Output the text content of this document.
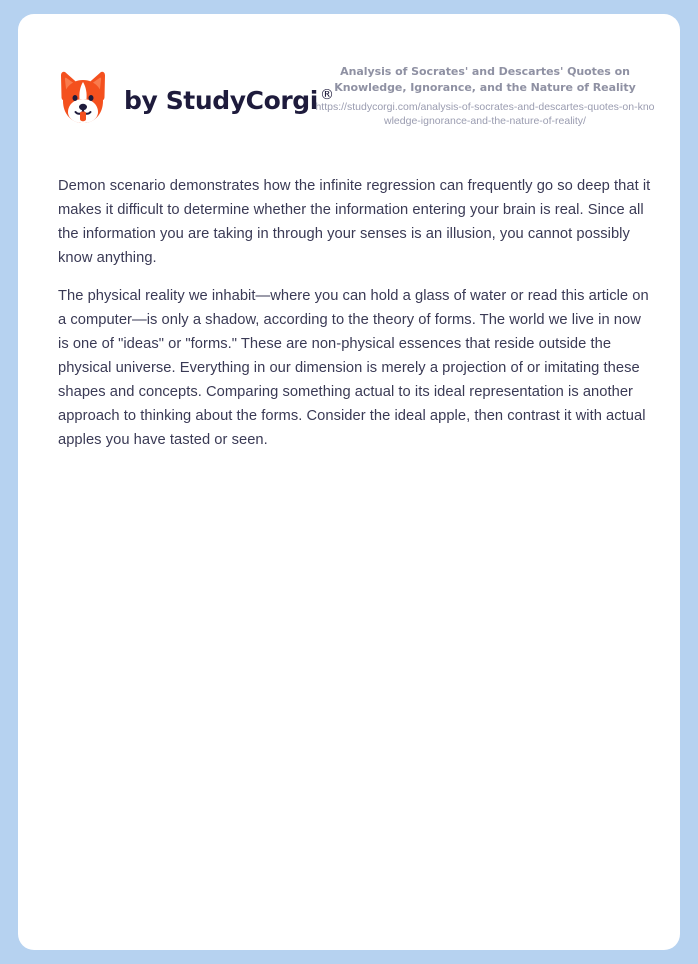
by StudyCorgi ®

Analysis of Socrates' and Descartes' Quotes on Knowledge, Ignorance, and the Nature of Reality

https://studycorgi.com/analysis-of-socrates-and-descartes-quotes-on-knowledge-ignorance-and-the-nature-of-reality/

Demon scenario demonstrates how the infinite regression can frequently go so deep that it makes it difficult to determine whether the information entering your brain is real. Since all the information you are taking in through your senses is an illusion, you cannot possibly know anything.

The physical reality we inhabit—where you can hold a glass of water or read this article on a computer—is only a shadow, according to the theory of forms. The world we live in now is one of "ideas" or "forms." These are non-physical essences that reside outside the physical universe. Everything in our dimension is merely a projection of or imitating these shapes and concepts. Comparing something actual to its ideal representation is another approach to thinking about the forms. Consider the ideal apple, then contrast it with actual apples you have tasted or seen.
